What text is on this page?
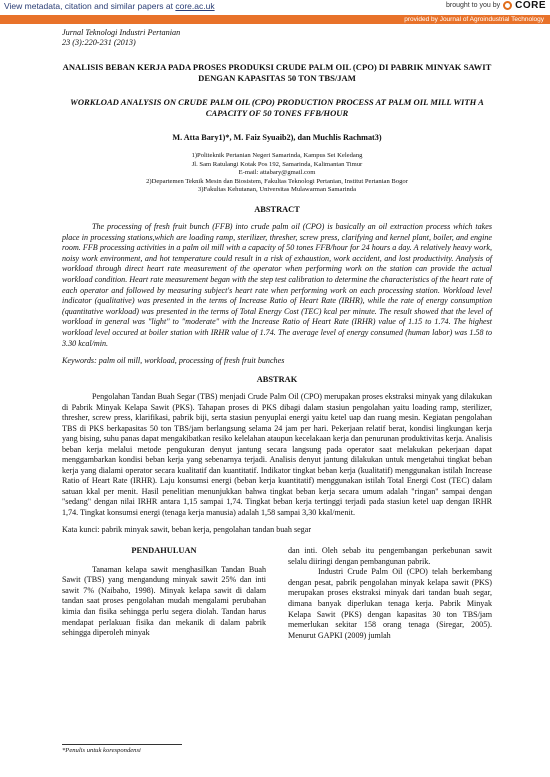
View metadata, citation and similar papers at core.ac.uk	brought to you by CORE
provided by Journal of Agroindustrial Technology
Jurnal Teknologi Industri Pertanian
23 (3):220-231 (2013)
ANALISIS BEBAN KERJA PADA PROSES PRODUKSI CRUDE PALM OIL (CPO) DI PABRIK MINYAK SAWIT DENGAN KAPASITAS 50 TON TBS/JAM
WORKLOAD ANALYSIS ON CRUDE PALM OIL (CPO) PRODUCTION PROCESS AT PALM OIL MILL WITH A CAPACITY OF 50 TONES FFB/HOUR
M. Atta Bary1)*, M. Faiz Syuaib2), dan Muchlis Rachmat3)
1)Politeknik Pertanian Negeri Samarinda, Kampus Sei Keledang
Jl. Sam Ratulangi Kotak Pos 192, Samarinda, Kalimantan Timur
E-mail: attabary@gmail.com
2)Departemen Teknik Mesin dan Biosistem, Fakultas Teknologi Pertanian, Institut Pertanian Bogor
3)Fakultas Kehutanan, Universitas Mulawarman Samarinda
ABSTRACT
The processing of fresh fruit bunch (FFB) into crude palm oil (CPO) is basically an oil extraction process which takes place in processing stations,which are loading ramp, sterilizer, thresher, screw press, clarifying and kernel plant, boiler, and engine room. FFB processing activities in a palm oil mill with a capacity of 50 tones FFB/hour for 24 hours a day. A relatively heavy work, noisy work environment, and hot temperature could result in a risk of exhaustion, work accident, and lost productivity. Analysis of workload through direct heart rate measurement of the operator when performing work on the station can provide the actual workload condition. Heart rate measurement began with the step test calibration to determine the characteristics of the heart rate of each operator and followed by measuring subject's heart rate when performing work on each processing station. Workload level indicator (qualitative) was presented in the terms of Increase Ratio of Heart Rate (IRHR), while the rate of energy consumption (quantitative workload) was presented in the terms of Total Energy Cost (TEC) kcal per minute. The result showed that the level of workload in general was "light" to "moderate" with the Increase Ratio of Heart Rate (IRHR) value of 1.15 to 1.74. The highest workload level occured at boiler station with IRHR value of 1.74. The average level of energy consumed (human labor) was 1.58 to 3.30 kcal/min.
Keywords: palm oil mill, workload, processing of fresh fruit bunches
ABSTRAK
Pengolahan Tandan Buah Segar (TBS) menjadi Crude Palm Oil (CPO) merupakan proses ekstraksi minyak yang dilakukan di Pabrik Minyak Kelapa Sawit (PKS). Tahapan proses di PKS dibagi dalam stasiun pengolahan yaitu loading ramp, sterilizer, thresher, screw press, klarifikasi, pabrik biji, serta stasiun penyuplai energi yaitu ketel uap dan ruang mesin. Kegiatan pengolahan TBS di PKS berkapasitas 50 ton TBS/jam berlangsung selama 24 jam per hari. Pekerjaan relatif berat, kondisi lingkungan kerja yang bising, suhu panas dapat mengakibatkan resiko kelelahan ataupun kecelakaan kerja dan penurunan produktivitas kerja. Analisis beban kerja melalui metode pengukuran denyut jantung secara langsung pada operator saat melakukan pekerjaan dapat menggambarkan kondisi beban kerja yang sebenarnya terjadi. Analisis denyut jantung dilakukan untuk mengetahui tingkat beban kerja yang dialami operator secara kualitatif dan kuantitatif. Indikator tingkat beban kerja (kualitatif) menggunakan istilah Increase Ratio of Heart Rate (IRHR). Laju konsumsi energi (beban kerja kuantitatif) menggunakan istilah Total Energi Cost (TEC) dalam satuan kkal per menit. Hasil penelitian menunjukkan bahwa tingkat beban kerja secara umum adalah "ringan" sampai dengan "sedang" dengan nilai IRHR antara 1,15 sampai 1,74. Tingkat beban kerja tertinggi terjadi pada stasiun ketel uap dengan IRHR 1,74. Tingkat konsumsi energi (tenaga kerja manusia) adalah 1,58 sampai 3,30 kkal/menit.
Kata kunci: pabrik minyak sawit, beban kerja, pengolahan tandan buah segar
PENDAHULUAN

Tanaman kelapa sawit menghasilkan Tandan Buah Sawit (TBS) yang mengandung minyak sawit 25% dan inti sawit 7% (Naibaho, 1998). Minyak kelapa sawit di dalam tandan saat proses pengolahan mudah mengalami perubahan kimia dan fisika sehingga perlu segera diolah. Tandan harus mendapat perlakuan fisika dan mekanik di dalam pabrik sehingga diperoleh minyak

dan inti. Oleh sebab itu pengembangan perkebunan sawit selalu diiringi dengan pembangunan pabrik.

Industri Crude Palm Oil (CPO) telah berkembang dengan pesat, pabrik pengolahan minyak kelapa sawit (PKS) merupakan proses ekstraksi minyak dari tandan buah segar, dimana banyak diperlukan tenaga kerja. Pabrik Minyak Kelapa Sawit (PKS) dengan kapasitas 30 ton TBS/jam memerlukan sekitar 158 orang tenaga (Siregar, 2005). Menurut GAPKI (2009) jumlah

*Penulis untuk korespondensi
